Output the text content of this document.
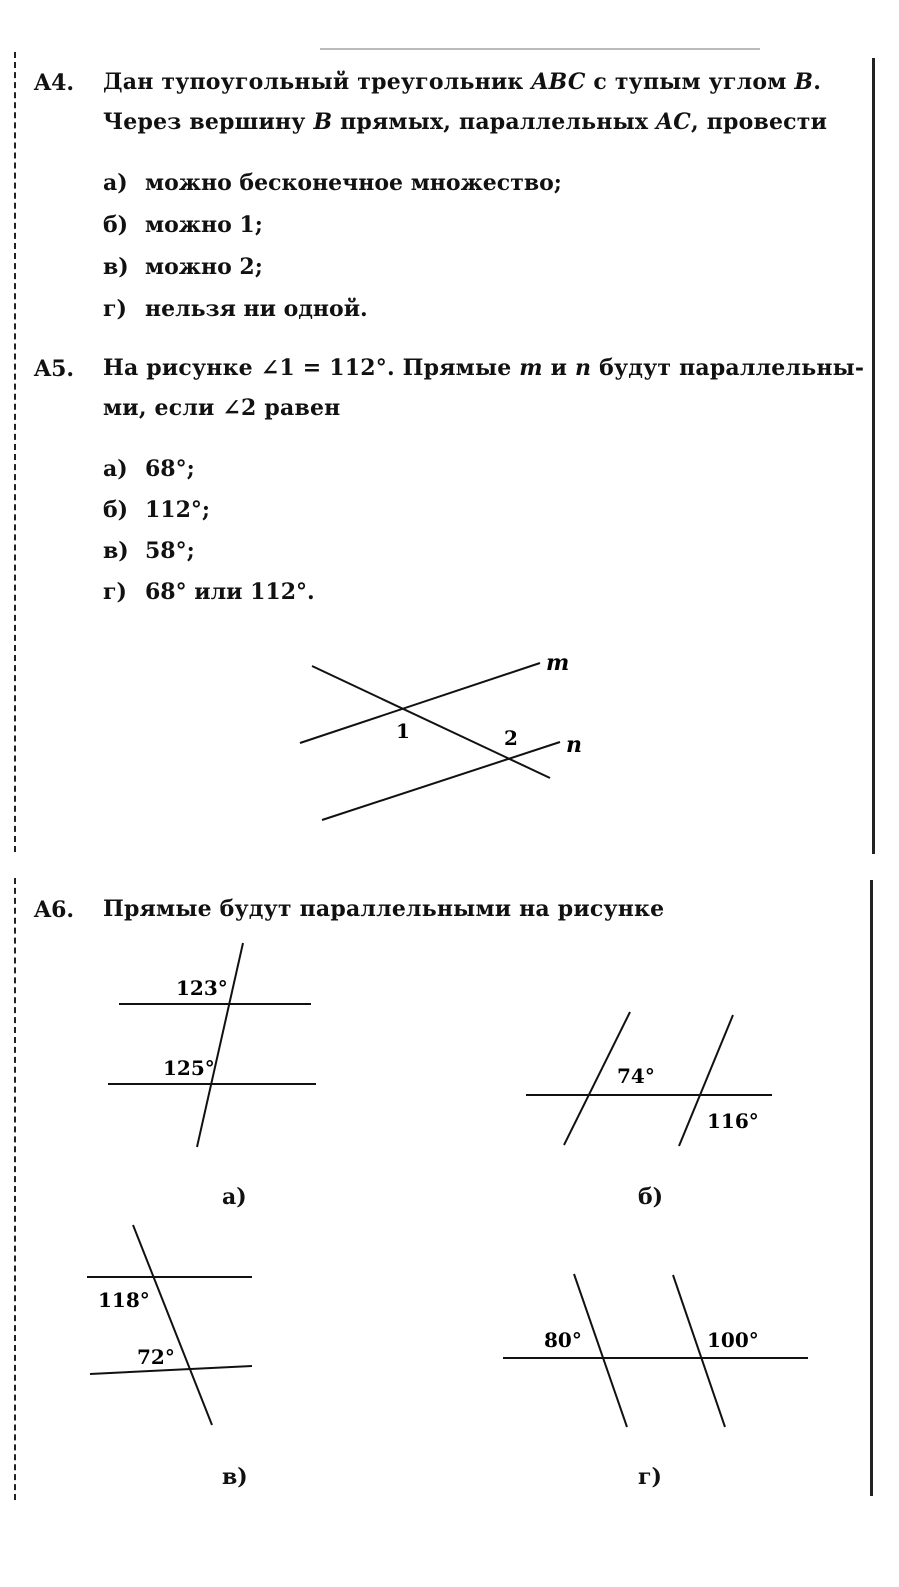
A4. Дан тупоугольный треугольник ABC с тупым углом B.
Через вершину B прямых, параллельных AC, провести
а) можно бесконечное множество;
б) можно 1;
в) можно 2;
г) нельзя ни одной.
A5. На рисунке ∠1 = 112°. Прямые m и n будут параллельны-
ми, если ∠2 равен
а) 68°;
б) 112°;
в) 58°;
г) 68° или 112°.
m
n
1	2
A6. Прямые будут параллельными на рисунке
123°
125°	74°
116°
118°
72°
80°	100°
а)	б)
в)	г)
